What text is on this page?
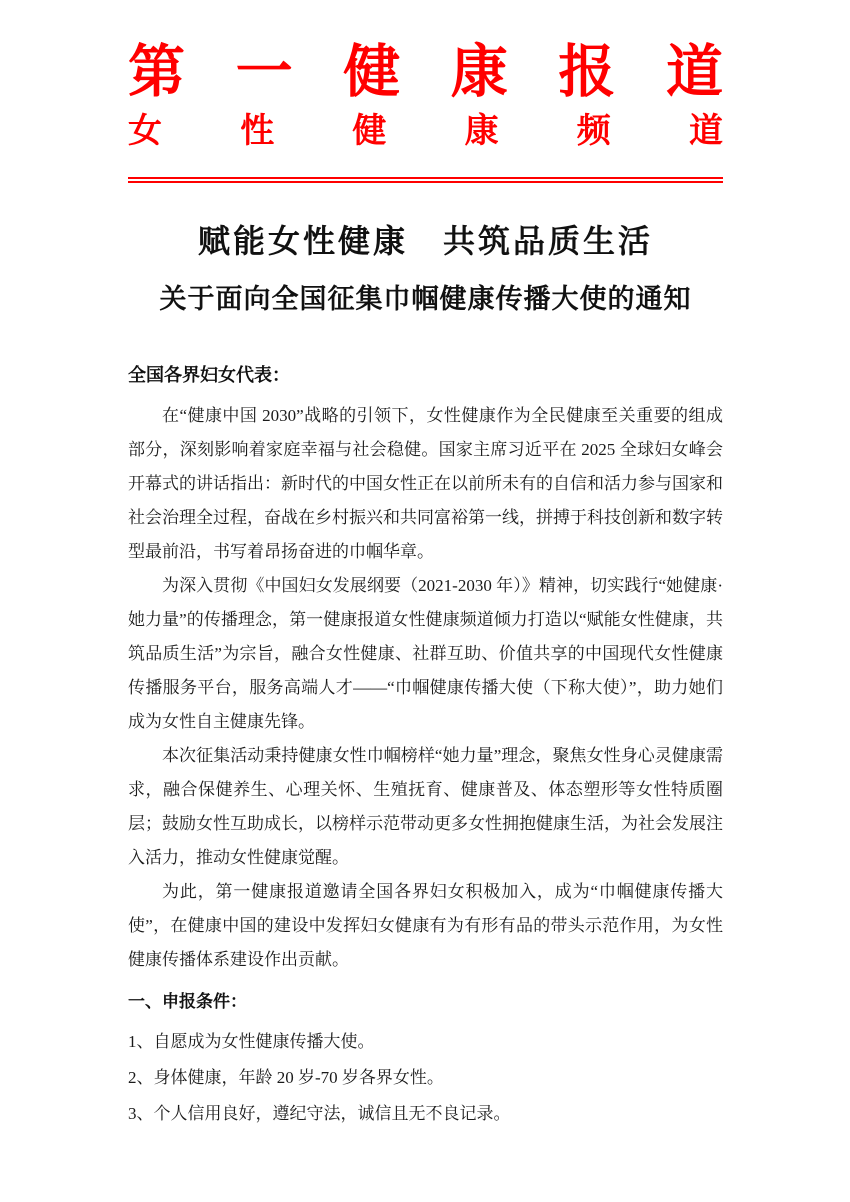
第 一 健 康 报 道
女 性 健 康 频 道
赋能女性健康　共筑品质生活
关于面向全国征集巾帼健康传播大使的通知

全国各界妇女代表：

在“健康中国 2030”战略的引领下，女性健康作为全民健康至关重要的组成部分，深刻影响着家庭幸福与社会稳健。国家主席习近平在 2025 全球妇女峰会开幕式的讲话指出：新时代的中国女性正在以前所未有的自信和活力参与国家和社会治理全过程，奋战在乡村振兴和共同富裕第一线，拼搏于科技创新和数字转型最前沿，书写着昂扬奋进的巾帼华章。

为深入贯彻《中国妇女发展纲要（2021-2030 年）》精神，切实践行“她健康·她力量”的传播理念，第一健康报道女性健康频道倾力打造以“赋能女性健康，共筑品质生活”为宗旨，融合女性健康、社群互助、价值共享的中国现代女性健康传播服务平台，服务高端人才——“巾帼健康传播大使（下称大使）”，助力她们成为女性自主健康先锋。

本次征集活动秉持健康女性巾帼榜样“她力量”理念，聚焦女性身心灵健康需求，融合保健养生、心理关怀、生殖抚育、健康普及、体态塑形等女性特质圈层；鼓励女性互助成长，以榜样示范带动更多女性拥抱健康生活，为社会发展注入活力，推动女性健康觉醒。

为此，第一健康报道邀请全国各界妇女积极加入，成为“巾帼健康传播大使”，在健康中国的建设中发挥妇女健康有为有形有品的带头示范作用，为女性健康传播体系建设作出贡献。

一、申报条件：
1、自愿成为女性健康传播大使。
2、身体健康，年龄 20 岁-70 岁各界女性。
3、个人信用良好，遵纪守法，诚信且无不良记录。
